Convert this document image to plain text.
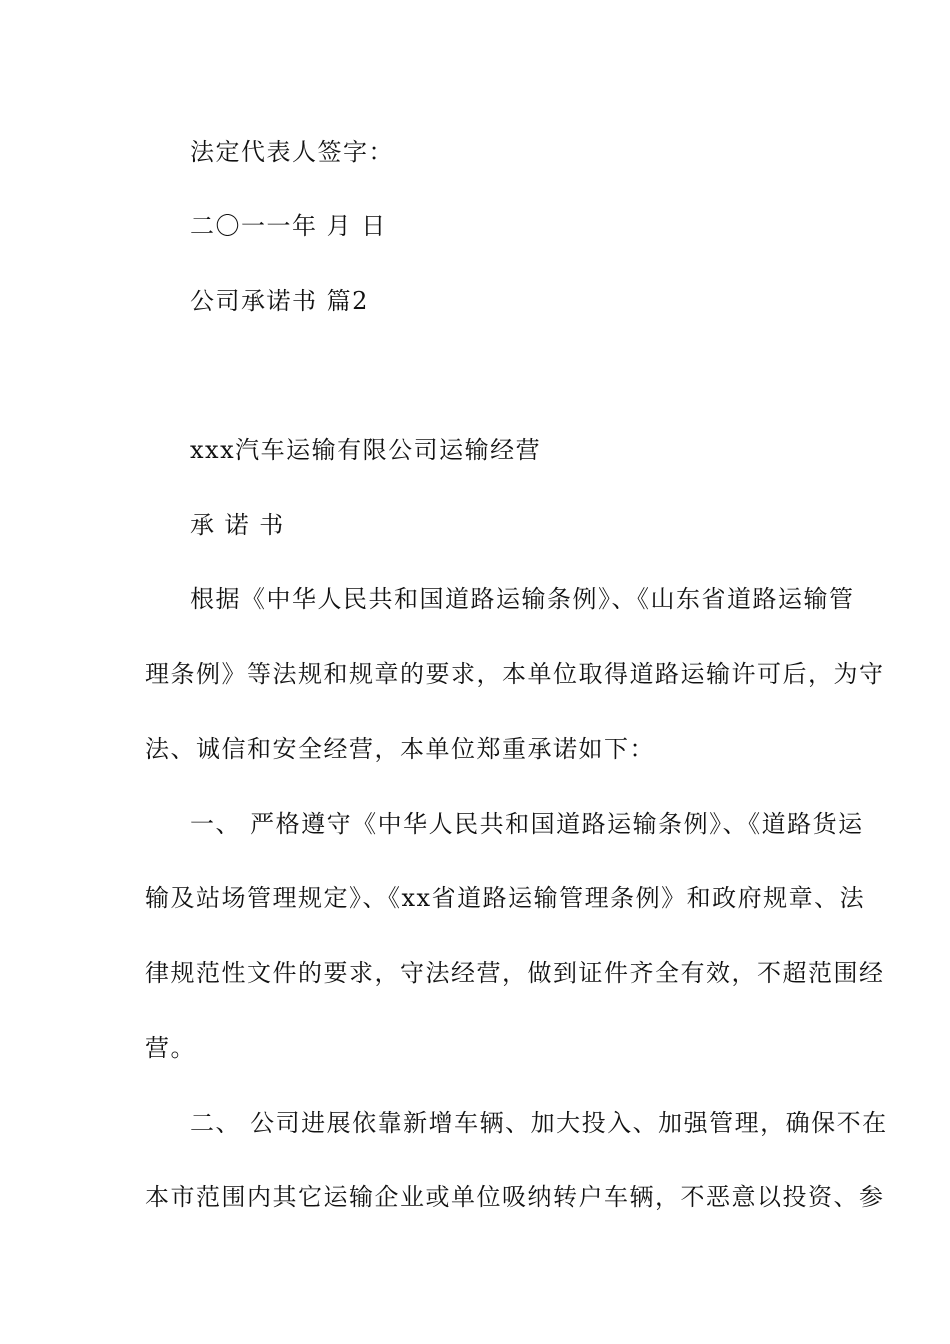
法定代表人签字：
二〇一一年 月 日
公司承诺书 篇2
xxx汽车运输有限公司运输经营
承 诺 书
根据《中华人民共和国道路运输条例》、《山东省道路运输管
理条例》等法规和规章的要求，本单位取得道路运输许可后，为守
法、诚信和安全经营，本单位郑重承诺如下：
一、 严格遵守《中华人民共和国道路运输条例》、《道路货运
输及站场管理规定》、《xx省道路运输管理条例》和政府规章、法
律规范性文件的要求，守法经营，做到证件齐全有效，不超范围经
营。
二、 公司进展依靠新增车辆、加大投入、加强管理，确保不在
本市范围内其它运输企业或单位吸纳转户车辆，不恶意以投资、参
